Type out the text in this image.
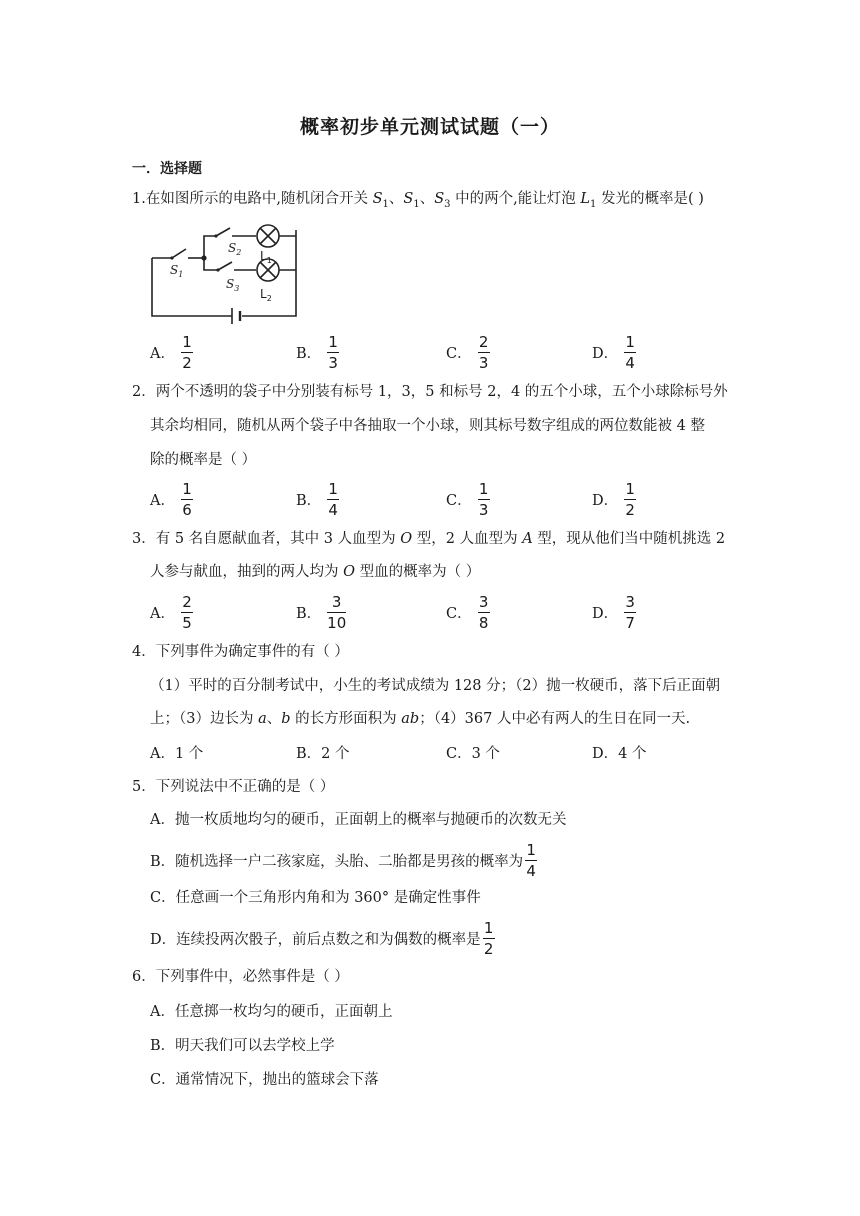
概率初步单元测试试题（一）
一．选择题
1.在如图所示的电路中,随机闭合开关 $S_1$、$S_1$、$S_3$ 中的两个,能让灯泡 $L_1$ 发光的概率是( )
$S_1$
$S_2$
$S_3$
$L_1$
$L_2$
A． $\frac{1}{2}$	B． $\frac{1}{3}$	C． $\frac{2}{3}$	D． $\frac{1}{4}$
2．两个不透明的袋子中分别装有标号 1，3，5 和标号 2，4 的五个小球，五个小球除标号外
其余均相同，随机从两个袋子中各抽取一个小球，则其标号数字组成的两位数能被 4 整
除的概率是（ ）
A． $\frac{1}{6}$	B． $\frac{1}{4}$	C． $\frac{1}{3}$	D． $\frac{1}{2}$
3．有 5 名自愿献血者，其中 3 人血型为 O 型，2 人血型为 A 型，现从他们当中随机挑选 2
人参与献血，抽到的两人均为 O 型血的概率为（ ）
A． $\frac{2}{5}$	B． $\frac{3}{10}$	C． $\frac{3}{8}$	D． $\frac{3}{7}$
4．下列事件为确定事件的有（ ）
（1）平时的百分制考试中，小生的考试成绩为 128 分；（2）抛一枚硬币，落下后正面朝
上；（3）边长为 a、b 的长方形面积为 ab；（4）367 人中必有两人的生日在同一天.
A．1 个	B．2 个	C．3 个	D．4 个
5．下列说法中不正确的是（ ）
A．抛一枚质地均匀的硬币，正面朝上的概率与抛硬币的次数无关
B．随机选择一户二孩家庭，头胎、二胎都是男孩的概率为
1
4
C．任意画一个三角形内角和为 360° 是确定性事件
D．连续投两次骰子，前后点数之和为偶数的概率是
1
2
6．下列事件中，必然事件是（ ）
A．任意掷一枚均匀的硬币，正面朝上
B．明天我们可以去学校上学
C．通常情况下，抛出的篮球会下落
